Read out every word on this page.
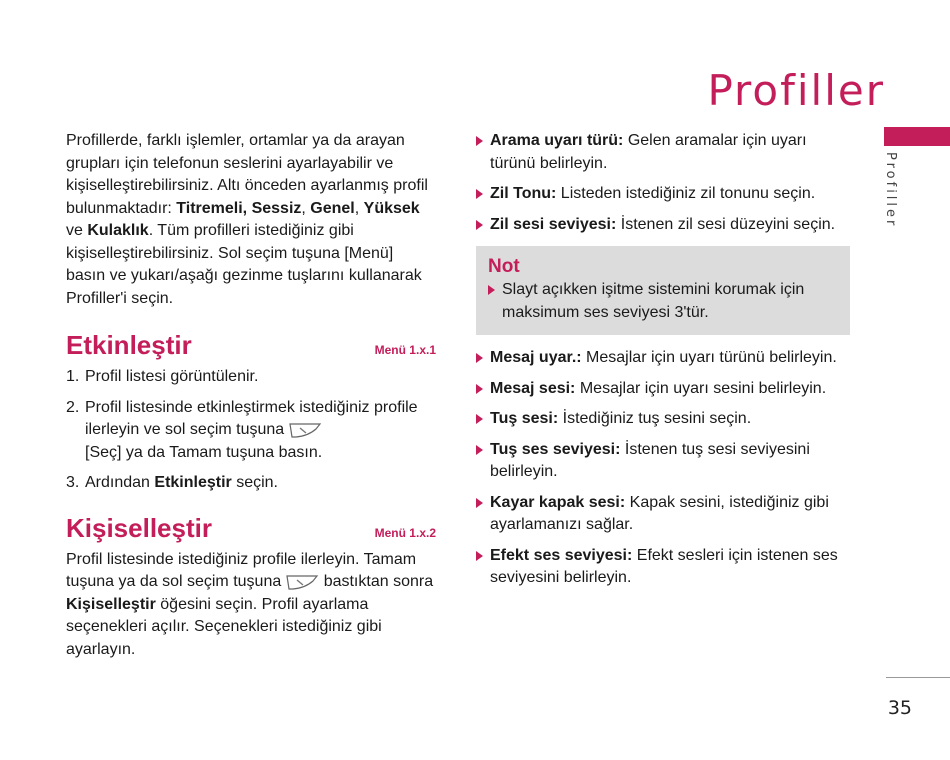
Profiller
Profiller
35

Profillerde, farklı işlemler, ortamlar ya da arayan grupları için telefonun seslerini ayarlayabilir ve kişiselleştirebilirsiniz. Altı önceden ayarlanmış profil bulunmaktadır: Titremeli, Sessiz, Genel, Yüksek ve Kulaklık. Tüm profilleri istediğiniz gibi kişiselleştirebilirsiniz. Sol seçim tuşuna [Menü] basın ve yukarı/aşağı gezinme tuşlarını kullanarak Profiller'i seçin.

Etkinleştir	Menü 1.x.1
1. Profil listesi görüntülenir.
2. Profil listesinde etkinleştirmek istediğiniz profile ilerleyin ve sol seçim tuşuna
[Seç] ya da Tamam tuşuna basın.
3. Ardından Etkinleştir seçin.
Kişiselleştir	Menü 1.x.2

Profil listesinde istediğiniz profile ilerleyin. Tamam tuşuna ya da sol seçim tuşuna	bastıktan sonra Kişiselleştir öğesini seçin. Profil ayarlama seçenekleri açılır. Seçenekleri istediğiniz gibi ayarlayın.

Arama uyarı türü: Gelen aramalar için uyarı türünü belirleyin.
Zil Tonu: Listeden istediğiniz zil tonunu seçin.
Zil sesi seviyesi: İstenen zil sesi düzeyini seçin.
Not
Slayt açıkken işitme sistemini korumak için maksimum ses seviyesi 3'tür.
Mesaj uyar.: Mesajlar için uyarı türünü belirleyin.
Mesaj sesi: Mesajlar için uyarı sesini belirleyin.
Tuş sesi: İstediğiniz tuş sesini seçin.
Tuş ses seviyesi: İstenen tuş sesi seviyesini belirleyin.
Kayar kapak sesi: Kapak sesini, istediğiniz gibi ayarlamanızı sağlar.
Efekt ses seviyesi: Efekt sesleri için istenen ses seviyesini belirleyin.
